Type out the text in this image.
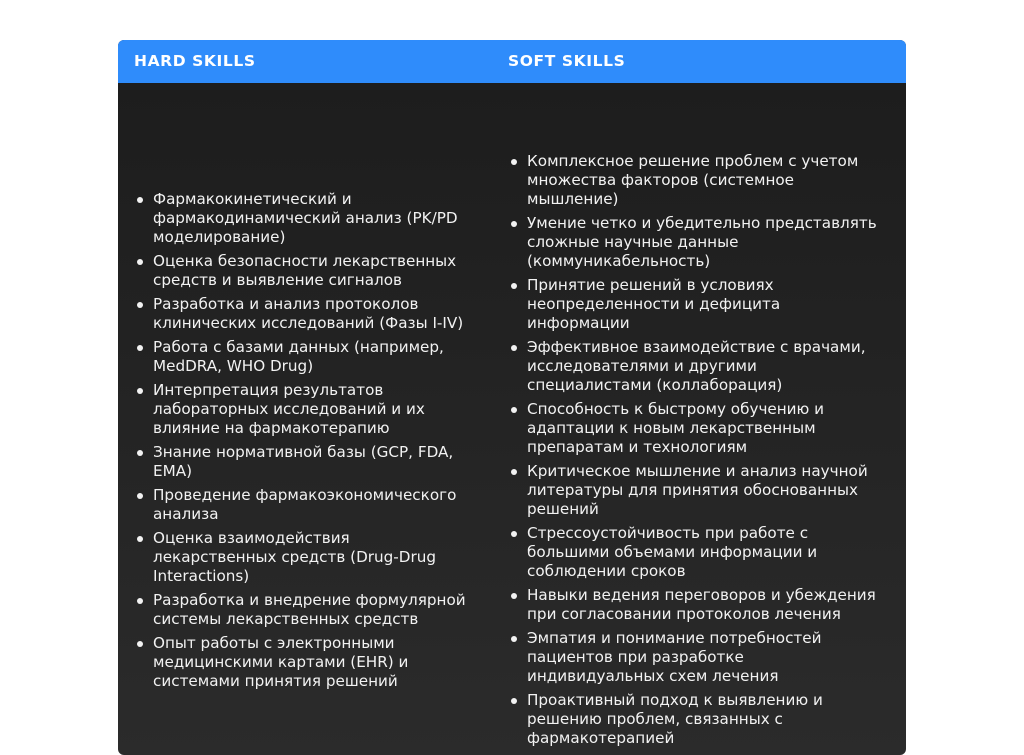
HARD SKILLS	SOFT SKILLS
Фармакокинетический и фармакодинамический анализ (PK/PD моделирование)
Оценка безопасности лекарственных средств и выявление сигналов
Разработка и анализ протоколов клинических исследований (Фазы I-IV)
Работа с базами данных (например, MedDRA, WHO Drug)
Интерпретация результатов лабораторных исследований и их влияние на фармакотерапию
Знание нормативной базы (GCP, FDA, EMA)
Проведение фармакоэкономического анализа
Оценка взаимодействия лекарственных средств (Drug-Drug Interactions)
Разработка и внедрение формулярной системы лекарственных средств
Опыт работы с электронными медицинскими картами (EHR) и системами принятия решений
Комплексное решение проблем с учетом множества факторов (системное мышление)
Умение четко и убедительно представлять сложные научные данные (коммуникабельность)
Принятие решений в условиях неопределенности и дефицита информации
Эффективное взаимодействие с врачами, исследователями и другими специалистами (коллаборация)
Способность к быстрому обучению и адаптации к новым лекарственным препаратам и технологиям
Критическое мышление и анализ научной литературы для принятия обоснованных решений
Стрессоустойчивость при работе с большими объемами информации и соблюдении сроков
Навыки ведения переговоров и убеждения при согласовании протоколов лечения
Эмпатия и понимание потребностей пациентов при разработке индивидуальных схем лечения
Проактивный подход к выявлению и решению проблем, связанных с фармакотерапией
